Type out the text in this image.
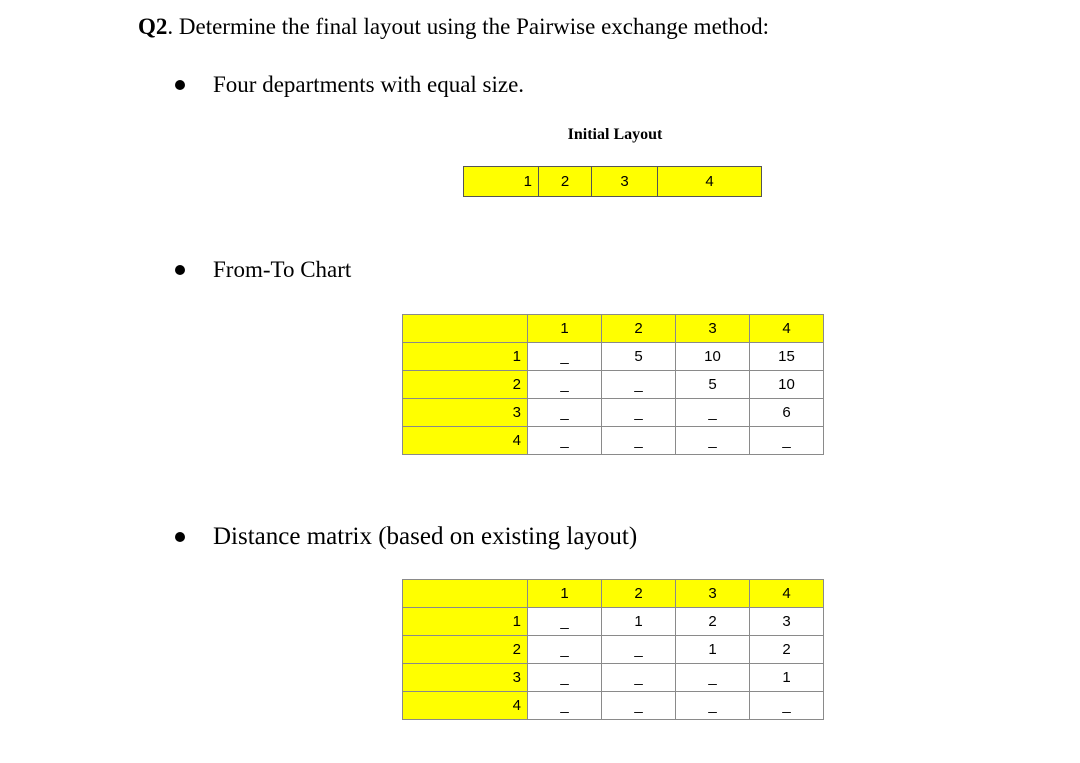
Q2. Determine the final layout using the Pairwise exchange method:
Four departments with equal size.
Initial Layout
1	2	3	4
From-To Chart
	1	2	3	4
1	_	5	10	15
2	_	_	5	10
3	_	_	_	6
4	_	_	_	_
Distance matrix (based on existing layout)
	1	2	3	4
1	_	1	2	3
2	_	_	1	2
3	_	_	_	1
4	_	_	_	_
